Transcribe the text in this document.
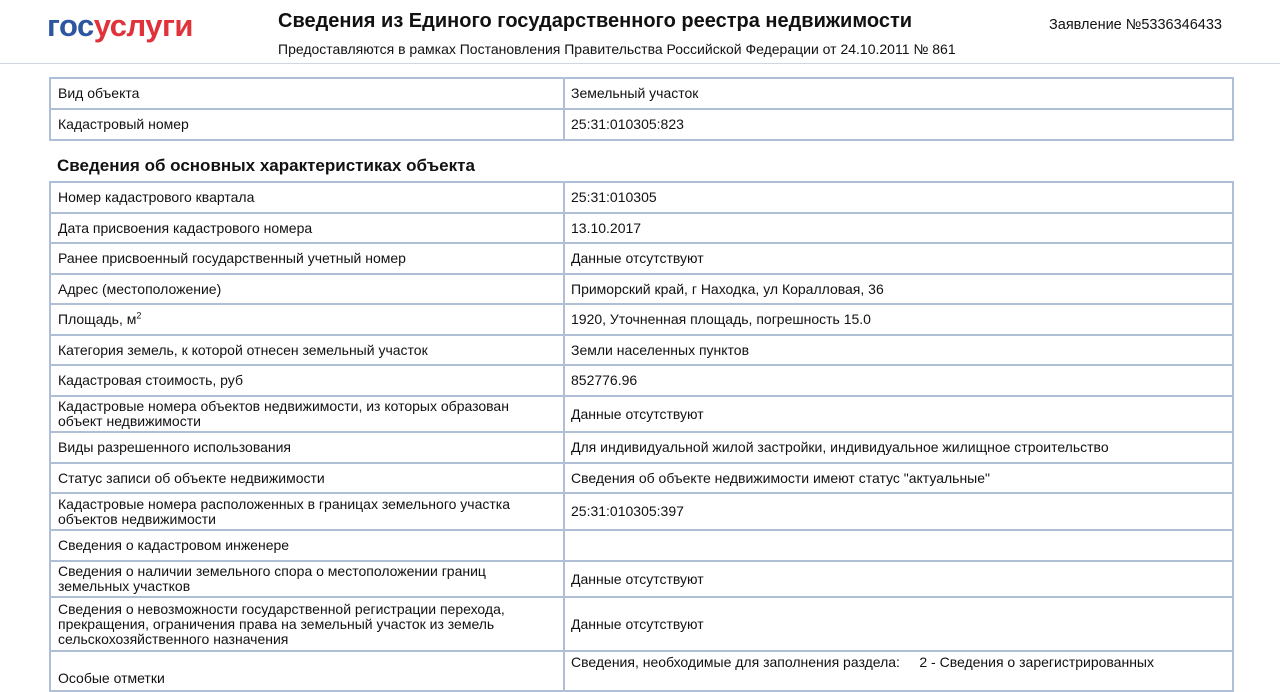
госуслуги	Сведения из Единого государственного реестра недвижимости
Предоставляются в рамках Постановления Правительства Российской Федерации от 24.10.2011 № 861
Заявление №5336346433
Вид объекта	Земельный участок
Кадастровый номер	25:31:010305:823
Сведения об основных характеристиках объекта
Номер кадастрового квартала	25:31:010305
Дата присвоения кадастрового номера	13.10.2017
Ранее присвоенный государственный учетный номер	Данные отсутствуют
Адрес (местоположение)	Приморский край, г Находка, ул Коралловая, 36
Площадь, $м^2$	1920, Уточненная площадь, погрешность 15.0
Категория земель, к которой отнесен земельный участок	Земли населенных пунктов
Кадастровая стоимость, руб	852776.96
Кадастровые номера объектов недвижимости, из которых образован объект недвижимости	Данные отсутствуют
Виды разрешенного использования	Для индивидуальной жилой застройки, индивидуальное жилищное строительство
Статус записи об объекте недвижимости	Сведения об объекте недвижимости имеют статус "актуальные"
Кадастровые номера расположенных в границах земельного участка объектов недвижимости	25:31:010305:397
Сведения о кадастровом инженере	
Сведения о наличии земельного спора о местоположении границ земельных участков	Данные отсутствуют
Сведения о невозможности государственной регистрации перехода, прекращения, ограничения права на земельный участок из земель сельскохозяйственного назначения	Данные отсутствуют
Особые отметки	Сведения, необходимые для заполнения раздела:     2 - Сведения о зарегистрированных
